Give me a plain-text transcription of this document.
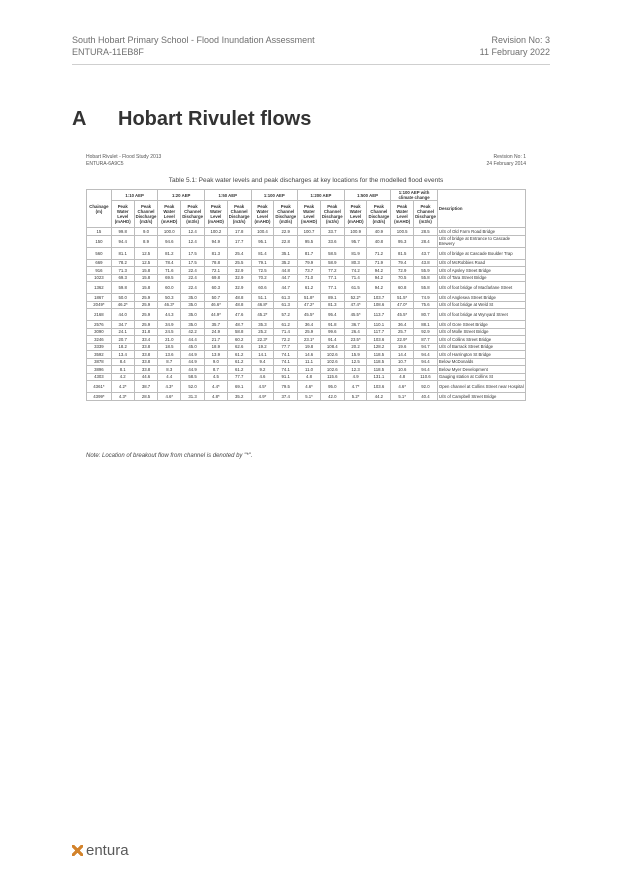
South Hobart Primary School - Flood Inundation Assessment
ENTURA-11EB8F
Revision No: 3
11 February 2022
A Hobart Rivulet flows
Hobart Rivulet - Flood Study 2013
ENTURA-6A9C5
Revision No: 1
24 February 2014
Table 5.1: Peak water levels and peak discharges at key locations for the modelled flood events
Chainage (m)	1:10 AEP		1:20 AEP		1:50 AEP		1:100 AEP		1:200 AEP		1:500 AEP		1:100 AEP with climate change		Description
	Peak Water Level (mAHD)	Peak Channel Discharge (m3/s)	Peak Water Level (mAHD)	Peak Channel Discharge (m3/s)	Peak Water Level (mAHD)	Peak Channel Discharge (m3/s)	Peak Water Level (mAHD)	Peak Channel Discharge (m3/s)	Peak Water Level (mAHD)	Peak Channel Discharge (m3/s)	Peak Water Level (mAHD)	Peak Channel Discharge (m3/s)	Peak Water Level (mAHD)	Peak Channel Discharge (m3/s)	
15	99.8	9.0	100.0	12.4	100.2	17.8	100.4	22.9	100.7	33.7	100.9	40.9	100.5	28.5	U/S of Old Farm Road Bridge
150	94.4	8.9	94.6	12.4	94.9	17.7	95.1	22.8	95.5	33.6	95.7	40.8	95.3	28.4	U/S of bridge at Entrance to Cascade Brewery
560	81.1	12.5	81.2	17.5	81.3	25.4	81.4	35.1	81.7	58.5	81.9	71.2	81.5	43.7	U/S of bridge at Cascade Boulder Trap
669	78.2	12.5	78.4	17.5	78.8	25.5	79.1	35.2	79.9	58.9	80.3	71.9	79.4	43.8	U/S of McRobbies Road
916	71.3	15.8	71.6	22.4	72.1	32.9	72.5	44.8	73.7	77.2	74.2	94.2	72.9	55.9	U/S of Apsley Street Bridge
1023	69.3	15.8	69.5	22.4	69.8	32.9	70.2	44.7	71.0	77.1	71.4	94.2	70.5	55.8	U/S of Tara Street Bridge
1362	59.8	15.8	60.0	22.4	60.3	32.9	60.6	44.7	61.2	77.1	61.5	94.2	60.8	55.8	U/S of foot bridge of Macfarlane Street
1867	50.0	25.9	50.3	35.0	50.7	48.8	51.1	61.3	51.8*	89.1	52.2*	103.7	51.5*	74.9	U/S of Anglesea Street Bridge
2049*	46.2*	25.9	46.3*	35.0	46.6*	48.8	46.8*	61.3	47.2*	81.3	47.4*	108.6	47.0*	75.6	U/S of foot bridge at Weld St
2168	44.0	25.9	44.3	35.0	44.9*	47.6	45.2*	57.2	45.5*	95.4	45.5*	113.7	45.5*	80.7	U/S of foot bridge at Wynyard Street
2576	34.7	25.9	34.9	35.0	35.7	48.7	35.3	61.2	36.4	91.8	36.7	110.1	36.4	88.1	U/S of Gore Street Bridge
3090	24.1	31.8	24.5	42.2	24.9	58.8	25.2	71.4	25.9	99.6	26.4	117.7	25.7	92.9	U/S of Molle Street Bridge
3246	20.7	33.4	21.0	44.4	21.7	60.2	22.3*	72.2	23.1*	91.4	23.5*	103.6	22.9*	87.7	U/S of Collins Street Bridge
3339	18.2	33.8	18.5	45.0	18.9	62.6	19.2	77.7	19.8	108.4	20.2	128.2	19.6	94.7	U/S of Barrack Street Bridge
3592	13.4	33.8	13.6	44.9	13.9	61.2	14.1	74.1	14.6	102.6	15.9	118.5	14.4	94.4	U/S of Harrington St Bridge
3878	8.4	33.8	8.7	44.9	9.0	61.2	9.4	74.1	11.1	102.6	12.5	118.5	10.7	94.4	Below McDonalds
3896	8.1	33.8	8.3	44.9	8.7	61.2	9.2	74.1	11.0	102.6	12.3	118.5	10.6	94.4	Below Myer Development
4303	4.2	44.6	4.4	58.5	4.5	77.7	4.6	91.1	4.8	115.6	4.9	131.1	4.8	110.6	Gauging station at Collins St
4361*	4.2*	38.7	4.3*	52.0	4.4*	69.1	4.5*	79.5	4.6*	95.0	4.7*	103.6	4.6*	92.0	Open channel at Collins Street near Hospital
4399*	4.3*	28.5	4.6*	31.3	4.8*	35.2	4.9*	37.4	5.1*	42.0	5.2*	44.2	5.1*	40.4	U/S of Campbell Street Bridge
Note: Location of breakout flow from channel is denoted by "*".
entura
